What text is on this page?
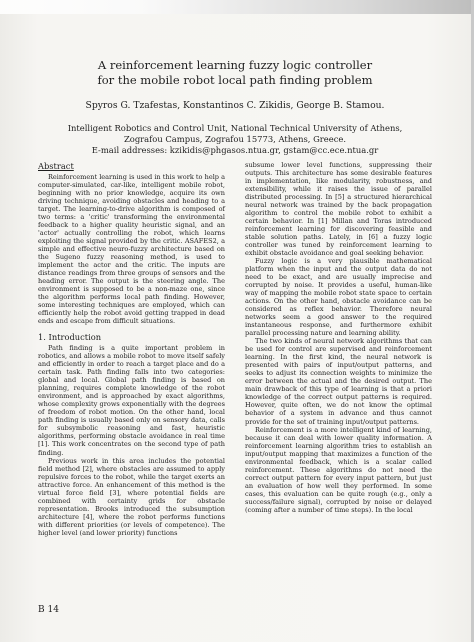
A reinforcement learning fuzzy logic controller
for the mobile robot local path finding problem
Spyros G. Tzafestas, Konstantinos C. Zikidis, George B. Stamou.
Intelligent Robotics and Control Unit, National Technical University of Athens,
Zografou Campus, Zografou 15773, Athens, Greece.
E-mail addresses: kzikidis@phgasos.ntua.gr, gstam@cc.ece.ntua.gr
Abstract

Reinforcement learning is used in this work to help a computer-simulated, car-like, intelligent mobile robot, beginning with no prior knowledge, acquire its own driving technique, avoiding obstacles and heading to a target. The learning-to-drive algorithm is composed of two terms: a 'critic' transforming the environmental feedback to a higher quality heuristic signal, and an 'actor' actually controlling the robot, which learns exploiting the signal provided by the critic. ASAFES2, a simple and effective neuro-fuzzy architecture based on the Sugeno fuzzy reasoning method, is used to implement the actor and the critic. The inputs are distance readings from three groups of sensors and the heading error. The output is the steering angle. The environment is supposed to be a non-maze one, since the algorithm performs local path finding. However, some interesting techniques are employed, which can efficiently help the robot avoid getting trapped in dead ends and escape from difficult situations.

1. Introduction

Path finding is a quite important problem in robotics, and allows a mobile robot to move itself safely and efficiently in order to reach a target place and do a certain task. Path finding falls into two categories: global and local. Global path finding is based on planning, requires complete knowledge of the robot environment, and is approached by exact algorithms, whose complexity grows exponentially with the degrees of freedom of robot motion. On the other hand, local path finding is usually based only on sensory data, calls for subsymbolic reasoning and fast, heuristic algorithms, performing obstacle avoidance in real time [1]. This work concentrates on the second type of path finding.

Previous work in this area includes the potential field method [2], where obstacles are assumed to apply repulsive forces to the robot, while the target exerts an attractive force. An enhancement of this method is the virtual force field [3], where potential fields are combined with certainty grids for obstacle representation. Brooks introduced the subsumption architecture [4], where the robot performs functions with different priorities (or levels of competence). The higher level (and lower priority) functions

subsume lower level functions, suppressing their outputs. This architecture has some desirable features in implementation, like modularity, robustness, and extensibility, while it raises the issue of parallel distributed processing. In [5] a structured hierarchical neural network was trained by the back propagation algorithm to control the mobile robot to exhibit a certain behavior. In [1] Millan and Toras introduced reinforcement learning for discovering feasible and stable solution paths. Lately, in [6] a fuzzy logic controller was tuned by reinforcement learning to exhibit obstacle avoidance and goal seeking behavior.

Fuzzy logic is a very plausible mathematical platform when the input and the output data do not need to be exact, and are usually imprecise and corrupted by noise. It provides a useful, human-like way of mapping the mobile robot state space to certain actions. On the other hand, obstacle avoidance can be considered as reflex behavior. Therefore neural networks seem a good answer to the required instantaneous response, and furthermore exhibit parallel processing nature and learning ability.

The two kinds of neural network algorithms that can be used for control are supervised and reinforcement learning. In the first kind, the neural network is presented with pairs of input/output patterns, and seeks to adjust its connection weights to minimize the error between the actual and the desired output. The main drawback of this type of learning is that a priori knowledge of the correct output patterns is required. However, quite often, we do not know the optimal behavior of a system in advance and thus cannot provide for the set of training input/output patterns.

Reinforcement is a more intelligent kind of learning, because it can deal with lower quality information. A reinforcement learning algorithm tries to establish an input/output mapping that maximizes a function of the environmental feedback, which is a scalar called reinforcement. These algorithms do not need the correct output pattern for every input pattern, but just an evaluation of how well they performed. In some cases, this evaluation can be quite rough (e.g., only a success/failure signal), corrupted by noise or delayed (coming after a number of time steps). In the local

B 14
